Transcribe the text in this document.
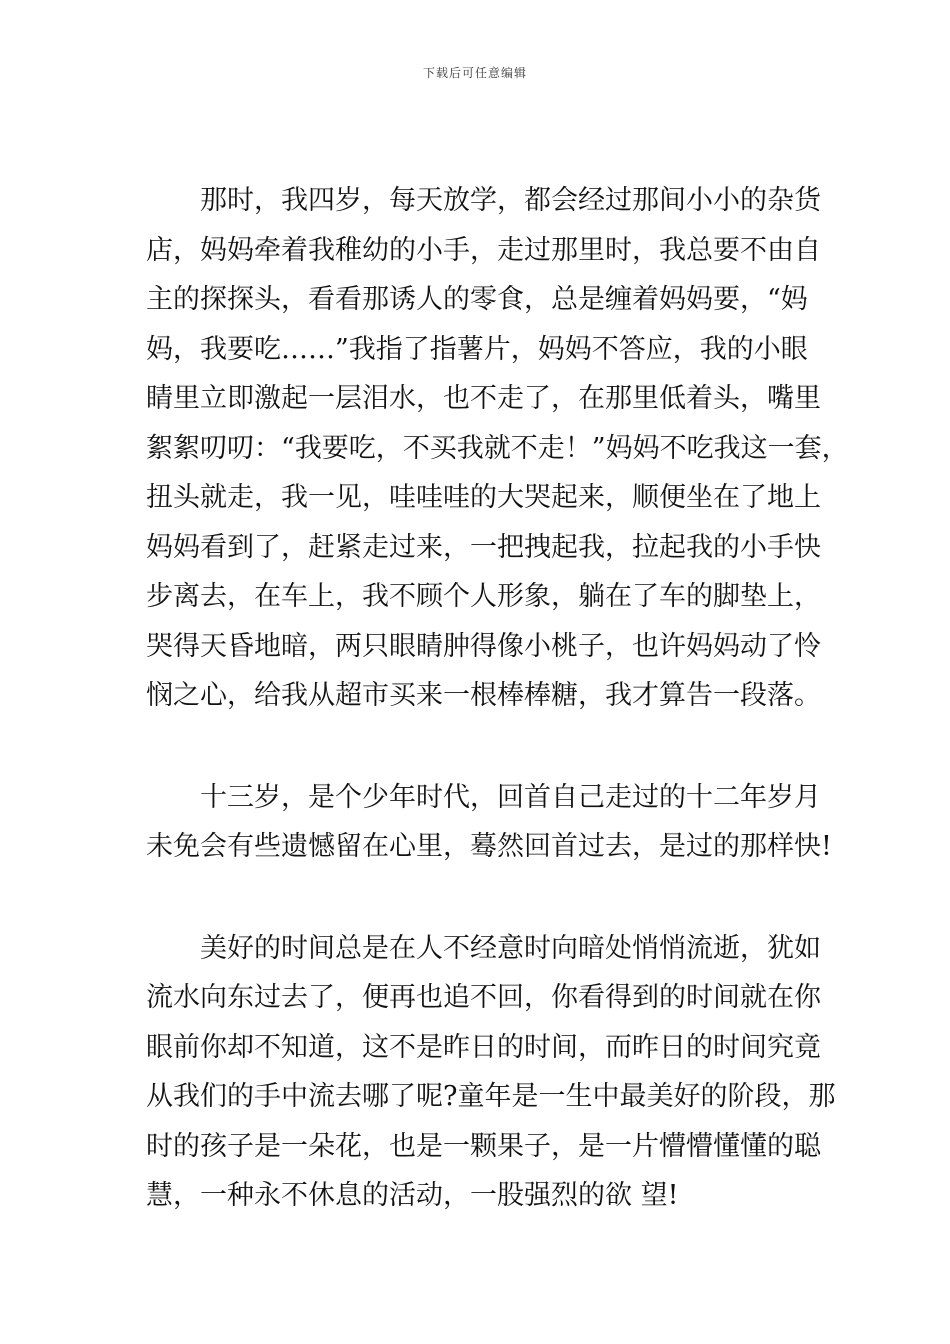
下载后可任意编辑
　　那时，我四岁，每天放学，都会经过那间小小的杂货
店，妈妈牵着我稚幼的小手，走过那里时，我总要不由自
主的探探头，看看那诱人的零食，总是缠着妈妈要，“妈
妈，我要吃……”我指了指薯片，妈妈不答应，我的小眼
睛里立即激起一层泪水，也不走了，在那里低着头，嘴里
絮絮叨叨：“我要吃，不买我就不走！”妈妈不吃我这一套，
扭头就走，我一见，哇哇哇的大哭起来，顺便坐在了地上
妈妈看到了，赶紧走过来，一把拽起我，拉起我的小手快
步离去，在车上，我不顾个人形象，躺在了车的脚垫上，
哭得天昏地暗，两只眼睛肿得像小桃子，也许妈妈动了怜
悯之心，给我从超市买来一根棒棒糖，我才算告一段落。
　　十三岁，是个少年时代，回首自己走过的十二年岁月
未免会有些遗憾留在心里，蓦然回首过去，是过的那样快!
　　美好的时间总是在人不经意时向暗处悄悄流逝，犹如
流水向东过去了，便再也追不回，你看得到的时间就在你
眼前你却不知道，这不是昨日的时间，而昨日的时间究竟
从我们的手中流去哪了呢?童年是一生中最美好的阶段，那
时的孩子是一朵花，也是一颗果子，是一片懵懵懂懂的聪
慧，一种永不休息的活动，一股强烈的欲 望!
